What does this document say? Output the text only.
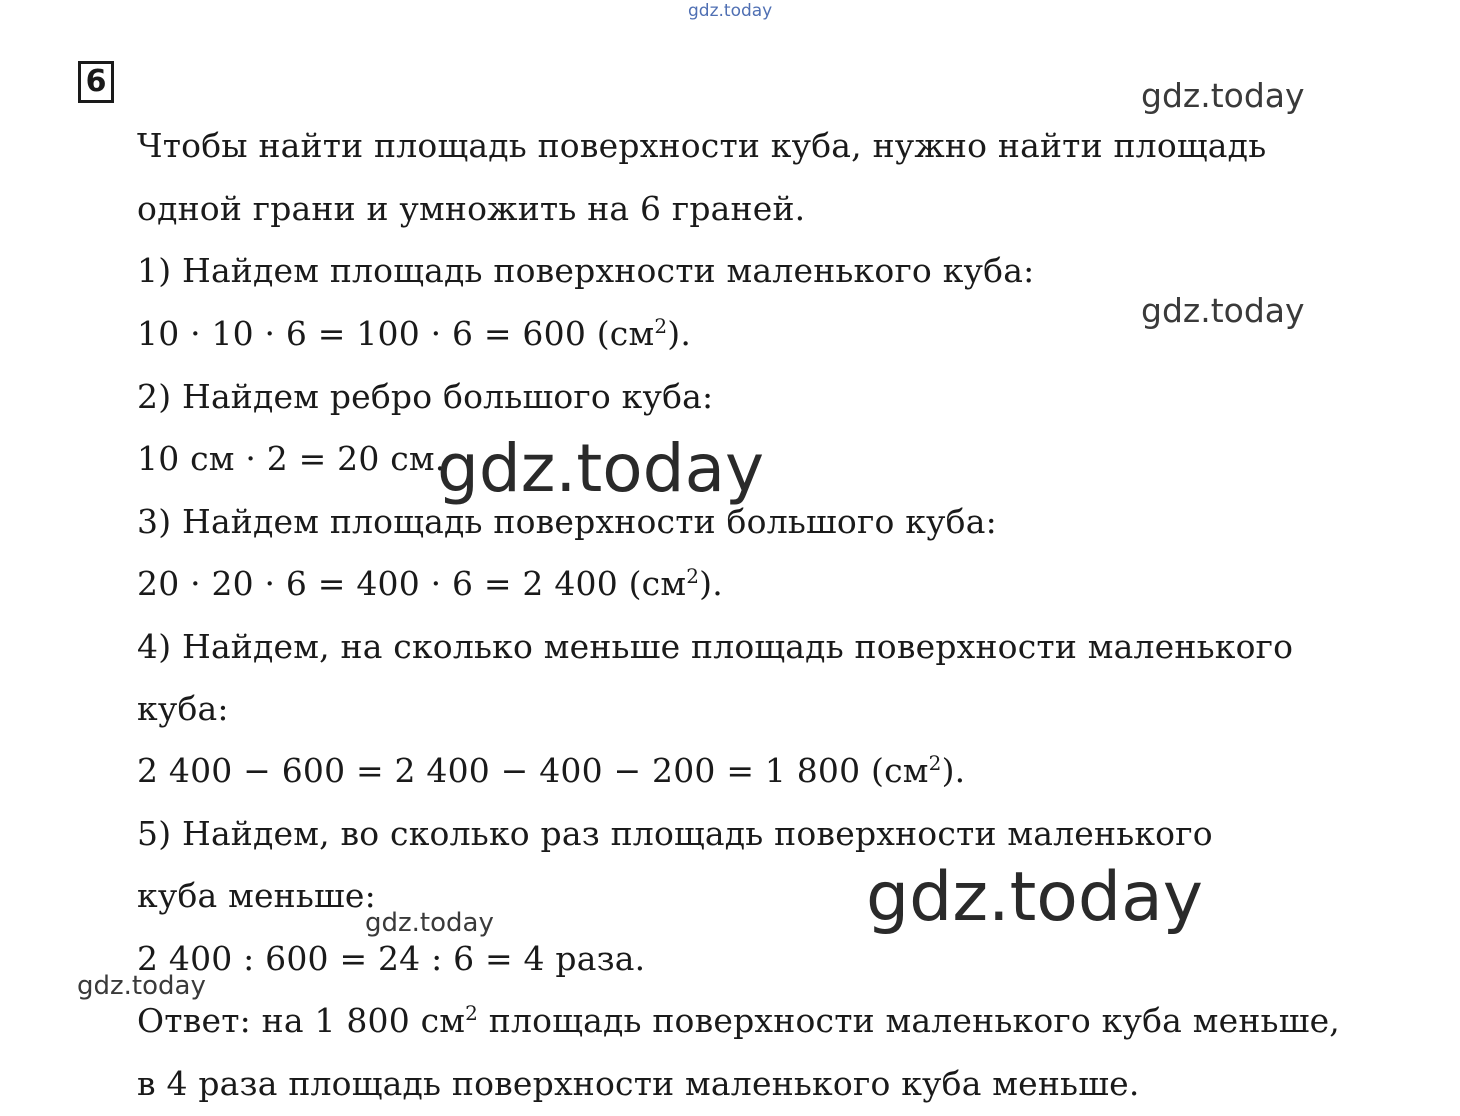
6
Чтобы найти площадь поверхности куба, нужно найти площадь
одной грани и умножить на 6 граней.
1) Найдем площадь поверхности маленького куба:
10 · 10 · 6 = 100 · 6 = 600 $(см^2)$.
2) Найдем ребро большого куба:
10 см · 2 = 20 см.
3) Найдем площадь поверхности большого куба:
20 · 20 · 6 = 400 · 6 = 2 400 $(см^2)$.
4) Найдем, на сколько меньше площадь поверхности маленького
куба:
2 400 − 600 = 2 400 − 400 − 200 = 1 800 $(см^2)$.
5) Найдем, во сколько раз площадь поверхности маленького
куба меньше:
2 400 : 600 = 24 : 6 = 4 раза.
Ответ: на 1 800 $см^2$ площадь поверхности маленького куба меньше,
в 4 раза площадь поверхности маленького куба меньше.
gdz.today
gdz.today
gdz.today
gdz.today
gdz.today
gdz.today
gdz.today
